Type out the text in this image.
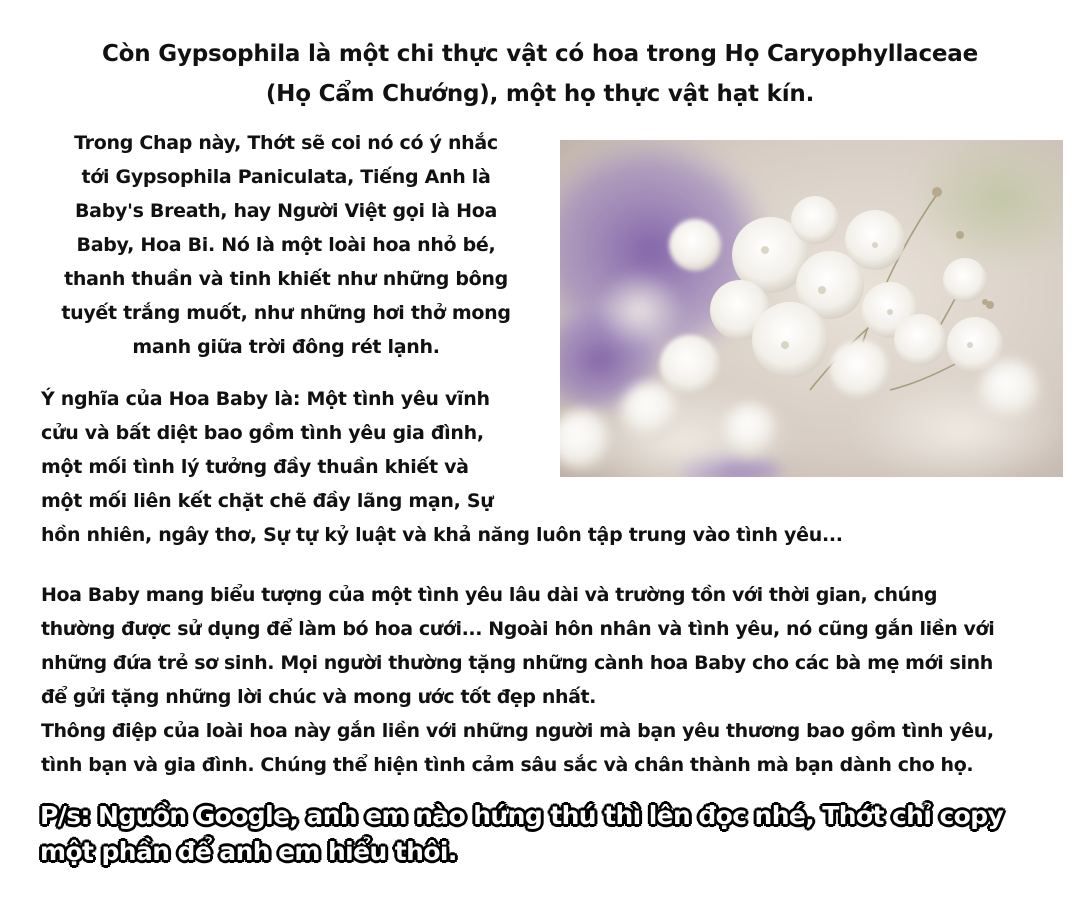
Còn Gypsophila là một chi thực vật có hoa trong Họ Caryophyllaceae
(Họ Cẩm Chướng), một họ thực vật hạt kín.
Trong Chap này, Thớt sẽ coi nó có ý nhắc
tới Gypsophila Paniculata, Tiếng Anh là
Baby's Breath, hay Người Việt gọi là Hoa
Baby, Hoa Bi. Nó là một loài hoa nhỏ bé,
thanh thuần và tinh khiết như những bông
tuyết trắng muốt, như những hơi thở mong
manh giữa trời đông rét lạnh.
Ý nghĩa của Hoa Baby là: Một tình yêu vĩnh
cửu và bất diệt bao gồm tình yêu gia đình,
một mối tình lý tưởng đầy thuần khiết và
một mối liên kết chặt chẽ đầy lãng mạn, Sự
hồn nhiên, ngây thơ, Sự tự kỷ luật và khả năng luôn tập trung vào tình yêu...
Hoa Baby mang biểu tượng của một tình yêu lâu dài và trường tồn với thời gian, chúng
thường được sử dụng để làm bó hoa cưới... Ngoài hôn nhân và tình yêu, nó cũng gắn liền với
những đứa trẻ sơ sinh. Mọi người thường tặng những cành hoa Baby cho các bà mẹ mới sinh
để gửi tặng những lời chúc và mong ước tốt đẹp nhất.
Thông điệp của loài hoa này gắn liền với những người mà bạn yêu thương bao gồm tình yêu,
tình bạn và gia đình. Chúng thể hiện tình cảm sâu sắc và chân thành mà bạn dành cho họ.
P/s: Nguồn Google, anh em nào hứng thú thì lên đọc nhé, Thớt chỉ copy
một phần để anh em hiểu thôi.
